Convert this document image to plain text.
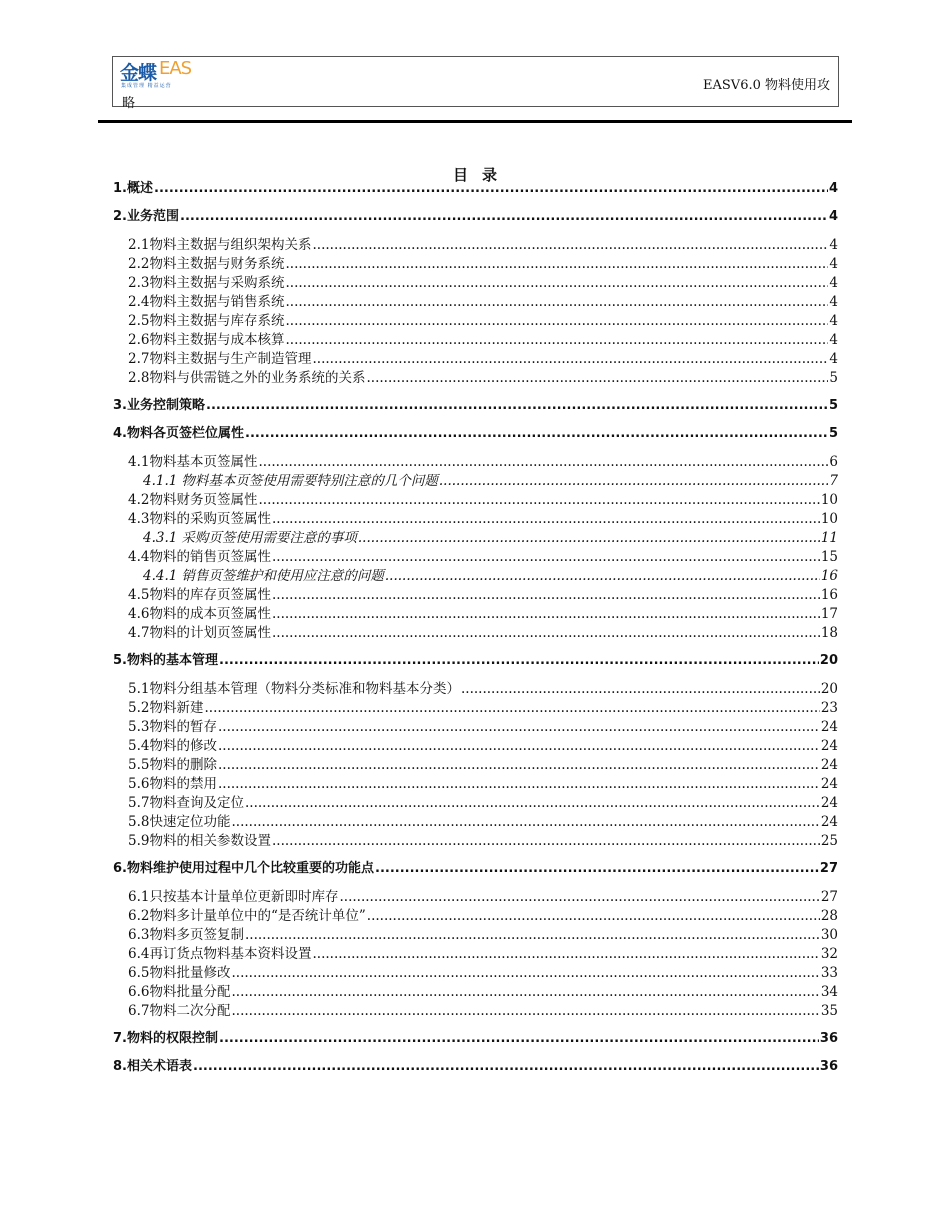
金蝶 EAS
集成管理 精益运营	EASV6.0 物料使用攻
略
目录
1. 概述 .....	4
2. 业务范围 .....	4
2.1 物料主数据与组织架构关系 .....	4
2.2 物料主数据与财务系统 .....	4
2.3 物料主数据与采购系统 .....	4
2.4 物料主数据与销售系统 .....	4
2.5 物料主数据与库存系统 .....	4
2.6 物料主数据与成本核算 .....	4
2.7 物料主数据与生产制造管理 .....	4
2.8 物料与供需链之外的业务系统的关系 .....	5
3. 业务控制策略 .....	5
4. 物料各页签栏位属性 .....	5
4.1 物料基本页签属性 .....	6
4.1.1 物料基本页签使用需要特别注意的几个问题 .....	7
4.2 物料财务页签属性 .....	10
4.3 物料的采购页签属性 .....	10
4.3.1 采购页签使用需要注意的事项 .....	11
4.4 物料的销售页签属性 .....	15
4.4.1 销售页签维护和使用应注意的问题 .....	16
4.5 物料的库存页签属性 .....	16
4.6 物料的成本页签属性 .....	17
4.7 物料的计划页签属性 .....	18
5. 物料的基本管理 .....	20
5.1 物料分组基本管理（物料分类标准和物料基本分类） .....	20
5.2 物料新建 .....	23
5.3 物料的暂存 .....	24
5.4 物料的修改 .....	24
5.5 物料的删除 .....	24
5.6 物料的禁用 .....	24
5.7 物料查询及定位 .....	24
5.8 快速定位功能 .....	24
5.9 物料的相关参数设置 .....	25
6. 物料维护使用过程中几个比较重要的功能点 .....	27
6.1 只按基本计量单位更新即时库存 .....	27
6.2 物料多计量单位中的“是否统计单位” .....	28
6.3 物料多页签复制 .....	30
6.4 再订货点物料基本资料设置 .....	32
6.5 物料批量修改 .....	33
6.6 物料批量分配 .....	34
6.7 物料二次分配 .....	35
7. 物料的权限控制 .....	36
8. 相关术语表 .....	36
